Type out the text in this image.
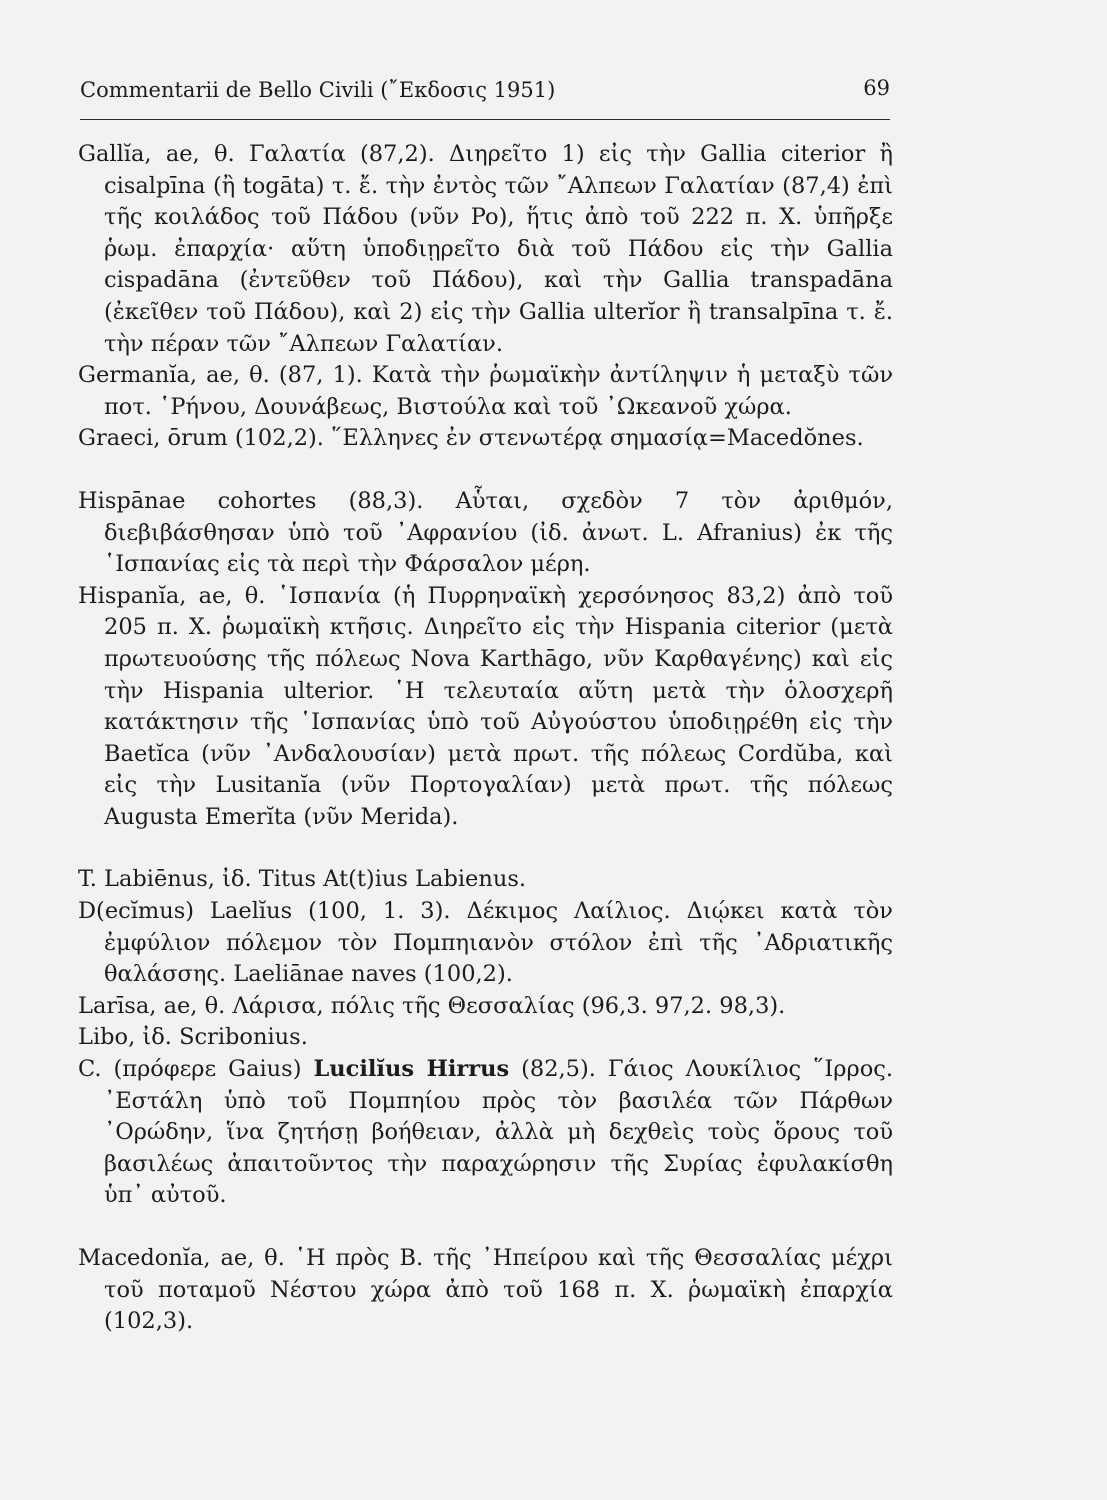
Commentarii de Bello Civili (῎Εκδοσις 1951)	69

Gallĭa, ae, θ. Γαλατία (87,2). Διηρεῖτο 1) εἰς τὴν Gallia citerior ἢ cisalpīna (ἢ togāta) τ. ἔ. τὴν ἐντὸς τῶν ῎Αλπεων Γαλατίαν (87,4) ἐπὶ τῆς κοιλάδος τοῦ Πάδου (νῦν Po), ἥτις ἀπὸ τοῦ 222 π. Χ. ὑπῆρξε ῥωμ. ἐπαρχία· αὕτη ὑποδιῃρεῖτο διὰ τοῦ Πάδου εἰς τὴν Gallia cispadāna (ἐντεῦθεν τοῦ Πάδου), καὶ τὴν Gallia transpadāna (ἐκεῖθεν τοῦ Πάδου), καὶ 2) εἰς τὴν Gallia ulterĭor ἢ transalpīna τ. ἔ. τὴν πέραν τῶν ῎Αλπεων Γαλατίαν.

Germanĭa, ae, θ. (87, 1). Κατὰ τὴν ῥωμαϊκὴν ἀντίληψιν ἡ μεταξὺ τῶν ποτ. ῾Ρήνου, Δουνάβεως, Βιστούλα καὶ τοῦ ᾿Ωκεανοῦ χώρα.

Graeci, ōrum (102,2). ῞Ελληνες ἐν στενωτέρᾳ σημασίᾳ=Macedŏnes.

Hispānae cohortes (88,3). Αὗται, σχεδὸν 7 τὸν ἀριθμόν, διεβιβάσθησαν ὑπὸ τοῦ ᾿Αφρανίου (ἰδ. ἀνωτ. L. Afranius) ἐκ τῆς ῾Ισπανίας εἰς τὰ περὶ τὴν Φάρσαλον μέρη.

Hispanĭa, ae, θ. ῾Ισπανία (ἡ Πυρρηναϊκὴ χερσόνησος 83,2) ἀπὸ τοῦ 205 π. Χ. ῥωμαϊκὴ κτῆσις. Διηρεῖτο εἰς τὴν Hispania citerior (μετὰ πρωτευούσης τῆς πόλεως Nova Karthāgo, νῦν Καρθαγένης) καὶ εἰς τὴν Hispania ulterior. ῾Η τελευταία αὕτη μετὰ τὴν ὁλοσχερῆ κατάκτησιν τῆς ῾Ισπανίας ὑπὸ τοῦ Αὐγούστου ὑποδιῃρέθη εἰς τὴν Baetĭca (νῦν ᾿Ανδαλουσίαν) μετὰ πρωτ. τῆς πόλεως Cordŭba, καὶ εἰς τὴν Lusitanĭa (νῦν Πορτογαλίαν) μετὰ πρωτ. τῆς πόλεως Augusta Emerĭta (νῦν Merida).

T. Labiēnus, ἰδ. Titus At(t)ius Labienus.

D(ecĭmus) Laelĭus (100, 1. 3). Δέκιμος Λαίλιος. Διῴκει κατὰ τὸν ἐμφύλιον πόλεμον τὸν Πομπηιανὸν στόλον ἐπὶ τῆς ᾿Αδριατικῆς θαλάσσης. Laeliānae naves (100,2).

Larīsa, ae, θ. Λάρισα, πόλις τῆς Θεσσαλίας (96,3. 97,2. 98,3).

Libo, ἰδ. Scribonius.

C. (πρόφερε Gaius) Lucilĭus Hirrus (82,5). Γάιος Λουκίλιος ῞Ιρρος. ᾿Εστάλη ὑπὸ τοῦ Πομπηίου πρὸς τὸν βασιλέα τῶν Πάρθων ᾿Ορώδην, ἵνα ζητήσῃ βοήθειαν, ἀλλὰ μὴ δεχθεὶς τοὺς ὅρους τοῦ βασιλέως ἀπαιτοῦντος τὴν παραχώρησιν τῆς Συρίας ἐφυλακίσθη ὑπ᾿ αὐτοῦ.

Macedonĭa, ae, θ. ῾Η πρὸς Β. τῆς ᾿Ηπείρου καὶ τῆς Θεσσαλίας μέχρι τοῦ ποταμοῦ Νέστου χώρα ἀπὸ τοῦ 168 π. Χ. ῥωμαϊκὴ ἐπαρχία (102,3).
